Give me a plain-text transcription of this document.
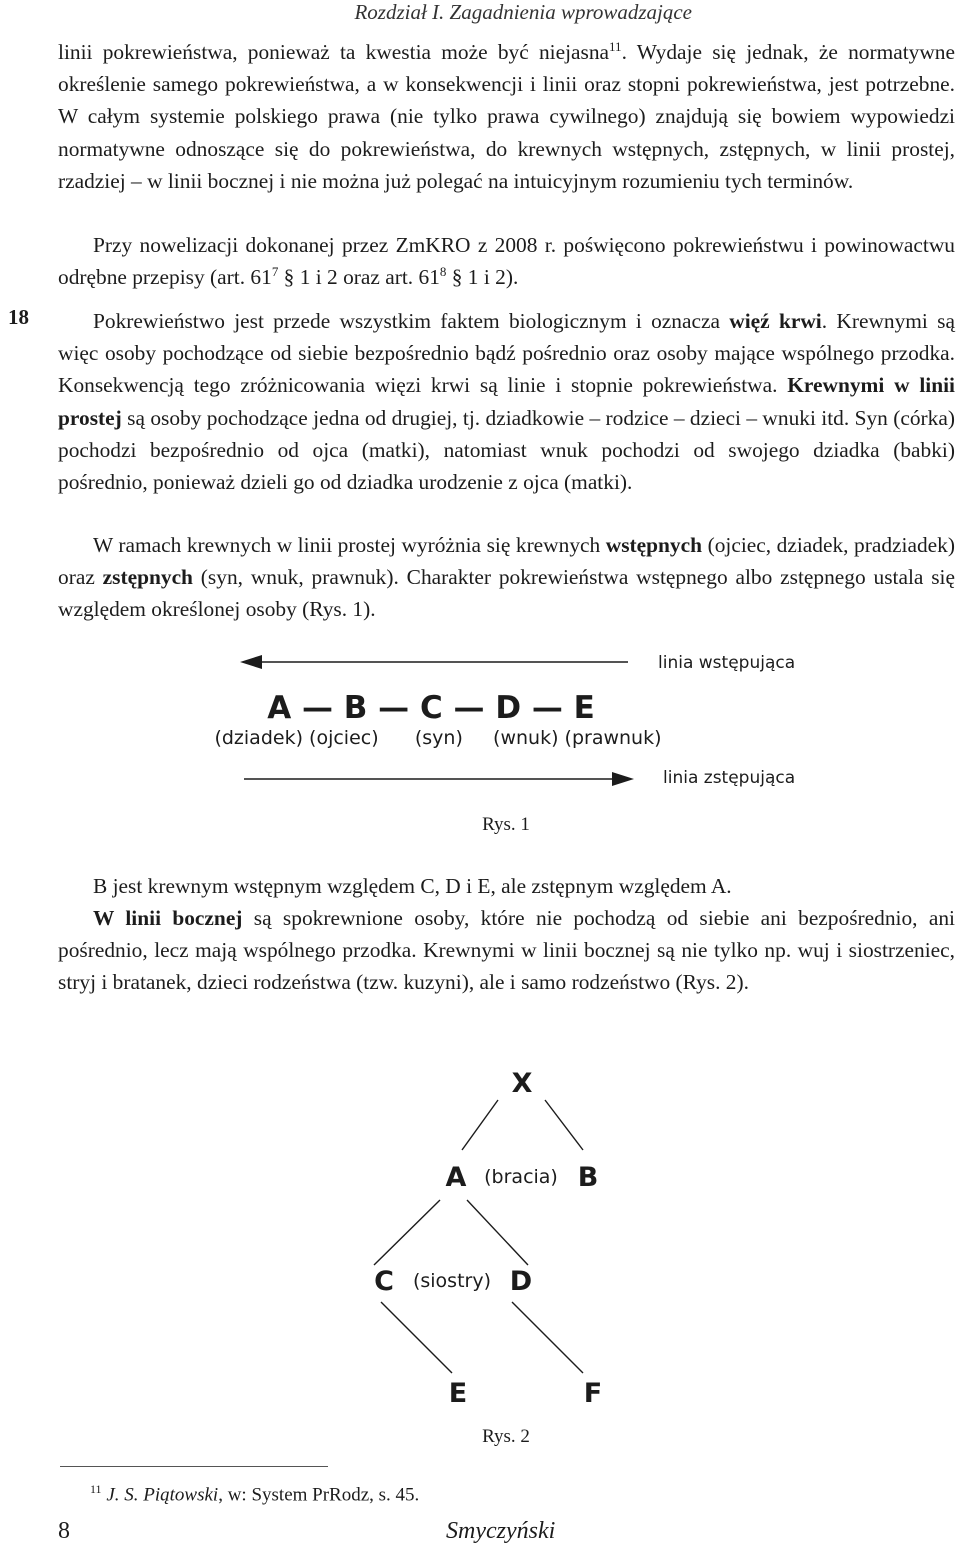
Rozdział I. Zagadnienia wprowadzające

linii pokrewieństwa, ponieważ ta kwestia może być niejasna$^{11}$. Wydaje się jednak, że normatywne określenie samego pokrewieństwa, a w konsekwencji i linii oraz stopni pokrewieństwa, jest potrzebne. W całym systemie polskiego prawa (nie tylko prawa cywilnego) znajdują się bowiem wypowiedzi normatywne odnoszące się do pokrewieństwa, do krewnych wstępnych, zstępnych, w linii prostej, rzadziej – w linii bocznej i nie można już polegać na intuicyjnym rozumieniu tych terminów.

Przy nowelizacji dokonanej przez ZmKRO z 2008 r. poświęcono pokrewieństwu i powinowactwu odrębne przepisy (art. $61^7$ § 1 i 2 oraz art. $61^8$ § 1 i 2).

18	Pokrewieństwo jest przede wszystkim faktem biologicznym i oznacza więź krwi. Krewnymi są więc osoby pochodzące od siebie bezpośrednio bądź pośrednio oraz osoby mające wspólnego przodka. Konsekwencją tego zróżnicowania więzi krwi są linie i stopnie pokrewieństwa. Krewnymi w linii prostej są osoby pochodzące jedna od drugiej, tj. dziadkowie – rodzice – dzieci – wnuki itd. Syn (córka) pochodzi bezpośrednio od ojca (matki), natomiast wnuk pochodzi od swojego dziadka (babki) pośrednio, ponieważ dzieli go od dziadka urodzenie z ojca (matki).

W ramach krewnych w linii prostej wyróżnia się krewnych wstępnych (ojciec, dziadek, pradziadek) oraz zstępnych (syn, wnuk, prawnuk). Charakter pokrewieństwa wstępnego albo zstępnego ustala się względem określonej osoby (Rys. 1).

linia wstępująca
linia zstępująca
A — B — C — D — E
(dziadek) (ojciec)      (syn)     (wnuk) (prawnuk)
Rys. 1

B jest krewnym wstępnym względem C, D i E, ale zstępnym względem A.

W linii bocznej są spokrewnione osoby, które nie pochodzą od siebie ani bezpośrednio, ani pośrednio, lecz mają wspólnego przodka. Krewnymi w linii bocznej są nie tylko np. wuj i siostrzeniec, stryj i bratanek, dzieci rodzeństwa (tzw. kuzyni), ale i samo rodzeństwo (Rys. 2).

X
A (bracia) B
C (siostry) D
E	F
Rys. 2
$^{11}$ J. S. Piątowski, w: System PrRodz, s. 45.
8	Smyczyński
